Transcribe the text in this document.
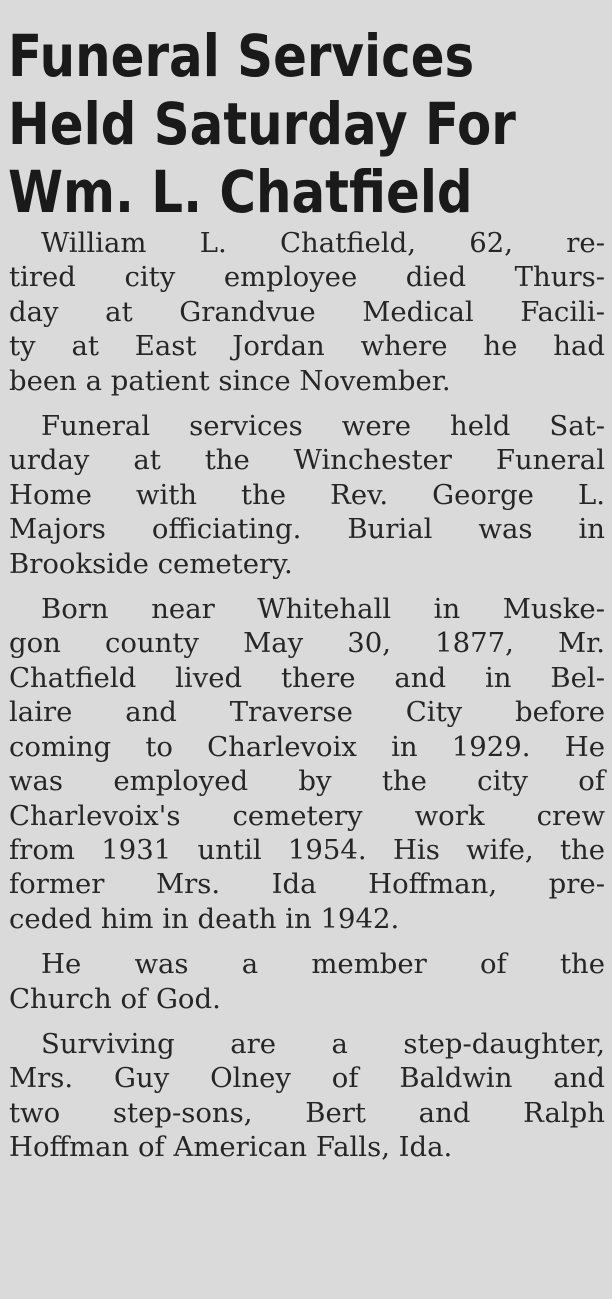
Funeral Services
Held Saturday For
Wm. L. Chatfield
William L. Chatfield, 62, re-
tired city employee died Thurs-
day at Grandvue Medical Facili-
ty at East Jordan where he had
been a patient since November.
Funeral services were held Sat-
urday at the Winchester Funeral
Home with the Rev. George L.
Majors officiating. Burial was in
Brookside cemetery.
Born near Whitehall in Muske-
gon county May 30, 1877, Mr.
Chatfield lived there and in Bel-
laire and Traverse City before
coming to Charlevoix in 1929. He
was employed by the city of
Charlevoix's cemetery work crew
from 1931 until 1954. His wife, the
former Mrs. Ida Hoffman, pre-
ceded him in death in 1942.
He was a member of the
Church of God.
Surviving are a step-daughter,
Mrs. Guy Olney of Baldwin and
two step-sons, Bert and Ralph
Hoffman of American Falls, Ida.
